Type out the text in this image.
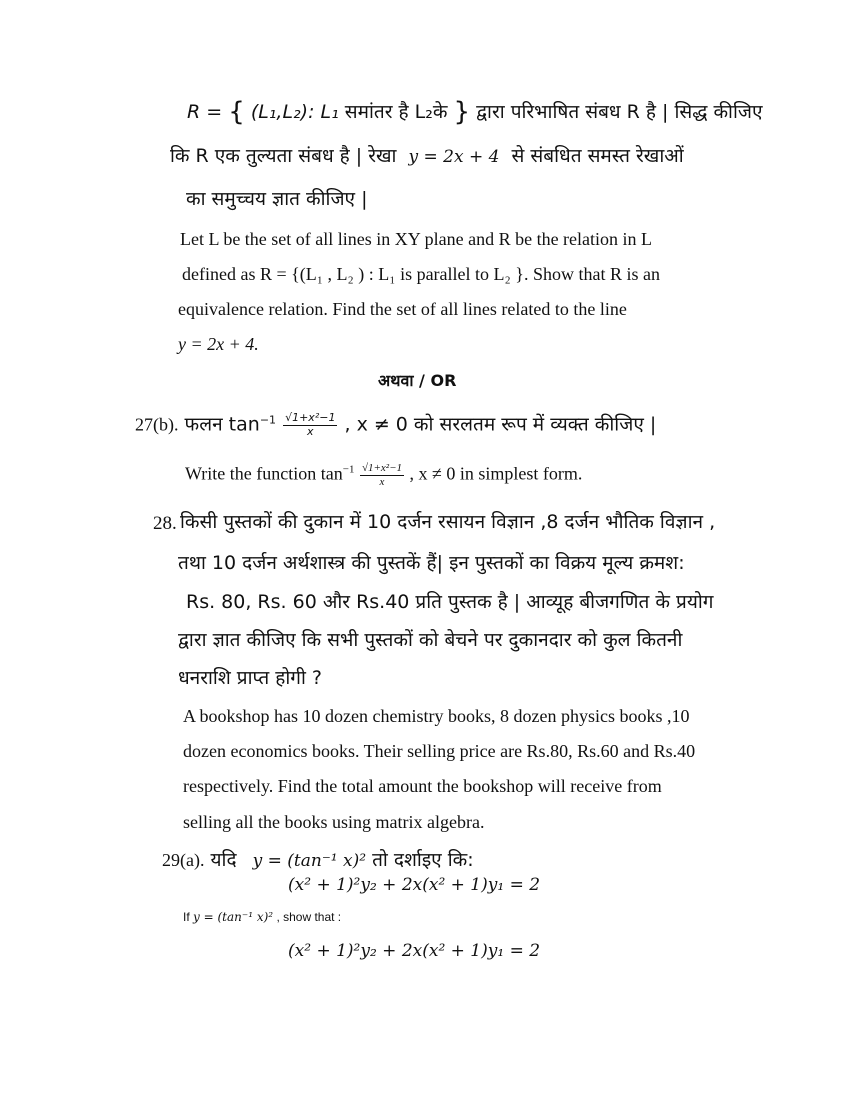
R = { (L₁,L₂): L₁ समांतर है L₂के } द्वारा परिभाषित संबध R है | सिद्ध कीजिए
कि R एक तुल्यता संबध है | रेखा y = 2x + 4 से संबधित समस्त रेखाओं
का समुच्चय ज्ञात कीजिए |
Let L be the set of all lines in XY plane and R be the relation in L
defined as R = {(L₁ , L₂ ) : L₁ is parallel to L₂ }. Show that R is an
equivalence relation. Find the set of all lines related to the line
y = 2x + 4.
अथवा / OR
27(b). फलन $\tan^{-1} \frac{\text{√1+x²−1}}{x}$ , x ≠ 0 को सरलतम रूप में व्यक्त कीजिए |
Write the function $\tan^{-1} \frac{\text{√1+x²−1}}{x}$ , x ≠ 0 in simplest form.
28. किसी पुस्तकों की दुकान में 10 दर्जन रसायन विज्ञान ,8 दर्जन भौतिक विज्ञान ,
तथा 10 दर्जन अर्थशास्त्र की पुस्तकें हैं| इन पुस्तकों का विक्रय मूल्य क्रमश:
Rs. 80, Rs. 60 और Rs.40 प्रति पुस्तक है | आव्यूह बीजगणित के प्रयोग
द्वारा ज्ञात कीजिए कि सभी पुस्तकों को बेचने पर दुकानदार को कुल कितनी
धनराशि प्राप्त होगी ?
A bookshop has 10 dozen chemistry books, 8 dozen physics books ,10
dozen economics books. Their selling price are Rs.80, Rs.60 and Rs.40
respectively. Find the total amount the bookshop will receive from
selling all the books using matrix algebra.
29(a). यदि y = (tan⁻¹ x)² तो दर्शाइए कि:
(x² + 1)²y₂ + 2x(x² + 1)y₁ = 2
If y = (tan⁻¹ x)² , show that :
(x² + 1)²y₂ + 2x(x² + 1)y₁ = 2
